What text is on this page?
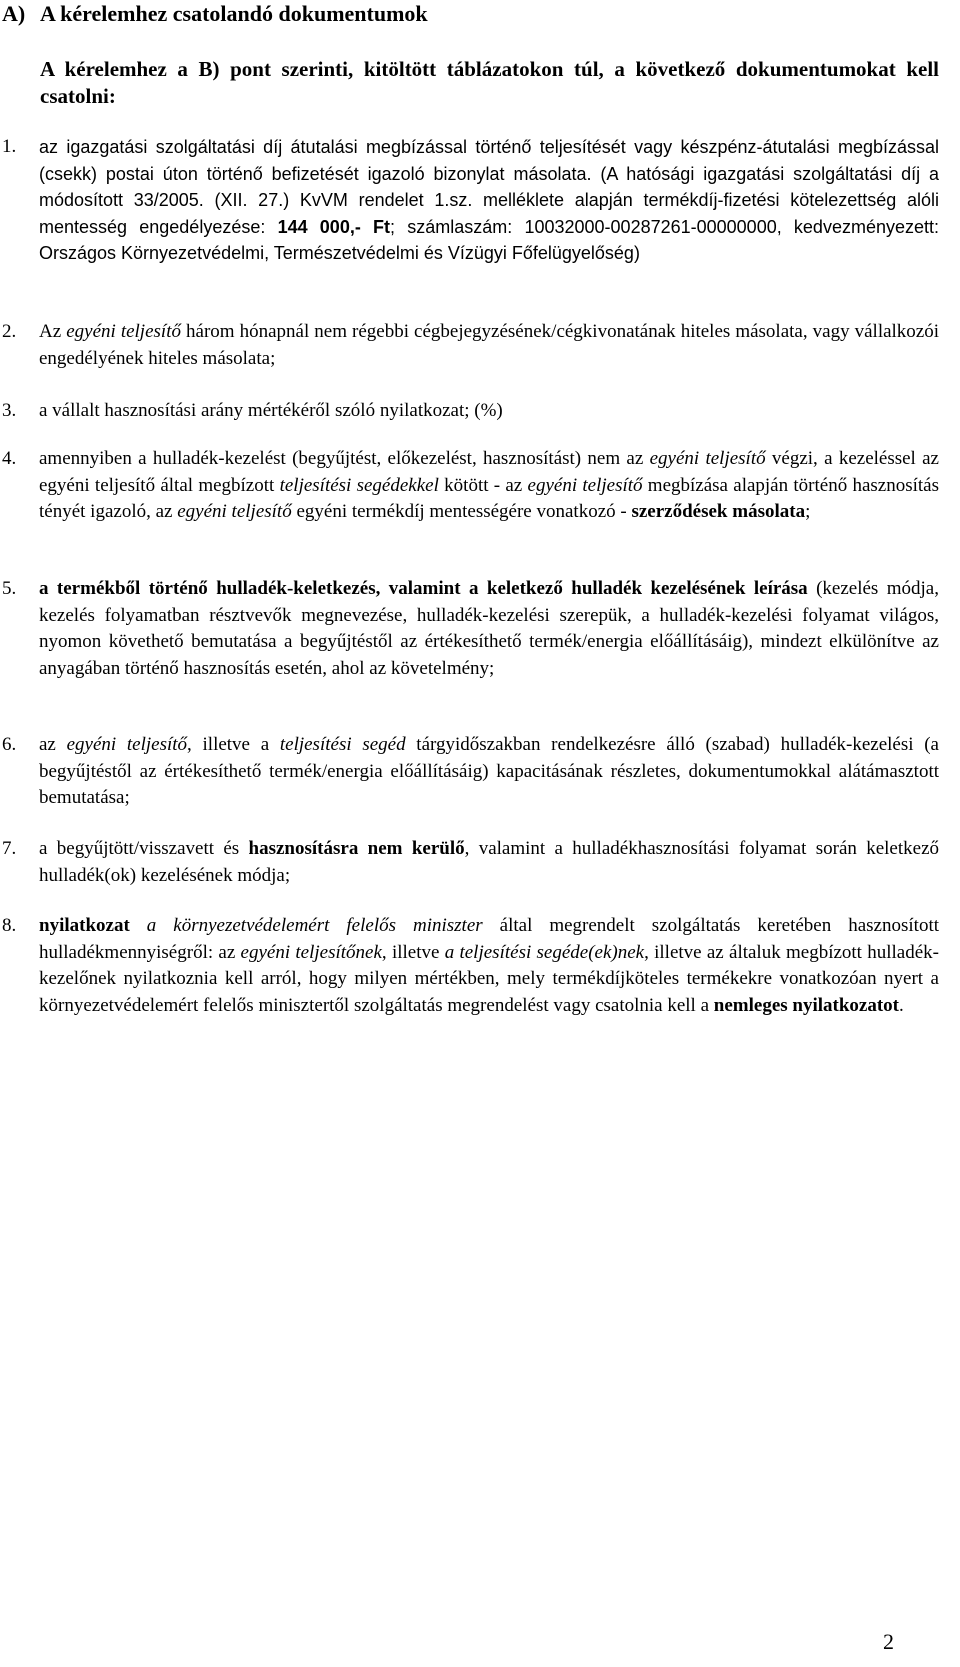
A) A kérelemhez csatolandó dokumentumok
A kérelemhez a B) pont szerinti, kitöltött táblázatokon túl, a következő dokumentumokat kell csatolni:
1. az igazgatási szolgáltatási díj átutalási megbízással történő teljesítését vagy készpénz-átutalási megbízással (csekk) postai úton történő befizetését igazoló bizonylat másolata. (A hatósági igazgatási szolgáltatási díj a módosított 33/2005. (XII. 27.) KvVM rendelet 1.sz. melléklete alapján termékdíj-fizetési kötelezettség alóli mentesség engedélyezése: 144 000,- Ft; számlaszám: 10032000-00287261-00000000, kedvezményezett: Országos Környezetvédelmi, Természetvédelmi és Vízügyi Főfelügyelőség)
2. Az egyéni teljesítő három hónapnál nem régebbi cégbejegyzésének/cégkivonatának hiteles másolata, vagy vállalkozói engedélyének hiteles másolata;
3. a vállalt hasznosítási arány mértékéről szóló nyilatkozat; (%)
4. amennyiben a hulladék-kezelést (begyűjtést, előkezelést, hasznosítást) nem az egyéni teljesítő végzi, a kezeléssel az egyéni teljesítő által megbízott teljesítési segédekkel kötött - az egyéni teljesítő megbízása alapján történő hasznosítás tényét igazoló, az egyéni teljesítő egyéni termékdíj mentességére vonatkozó - szerződések másolata;
5. a termékből történő hulladék-keletkezés, valamint a keletkező hulladék kezelésének leírása (kezelés módja, kezelés folyamatban résztvevők megnevezése, hulladék-kezelési szerepük, a hulladék-kezelési folyamat világos, nyomon követhető bemutatása a begyűjtéstől az értékesíthető termék/energia előállításáig), mindezt elkülönítve az anyagában történő hasznosítás esetén, ahol az követelmény;
6. az egyéni teljesítő, illetve a teljesítési segéd tárgyidőszakban rendelkezésre álló (szabad) hulladék-kezelési (a begyűjtéstől az értékesíthető termék/energia előállításáig) kapacitásának részletes, dokumentumokkal alátámasztott bemutatása;
7. a begyűjtött/visszavett és hasznosításra nem kerülő, valamint a hulladékhasznosítási folyamat során keletkező hulladék(ok) kezelésének módja;
8. nyilatkozat a környezetvédelemért felelős miniszter által megrendelt szolgáltatás keretében hasznosított hulladékmennyiségről: az egyéni teljesítőnek, illetve a teljesítési segéde(ek)nek, illetve az általuk megbízott hulladék-kezelőnek nyilatkoznia kell arról, hogy milyen mértékben, mely termékdíjköteles termékekre vonatkozóan nyert a környezetvédelemért felelős minisztertől szolgáltatás megrendelést vagy csatolnia kell a nemleges nyilatkozatot.
2
